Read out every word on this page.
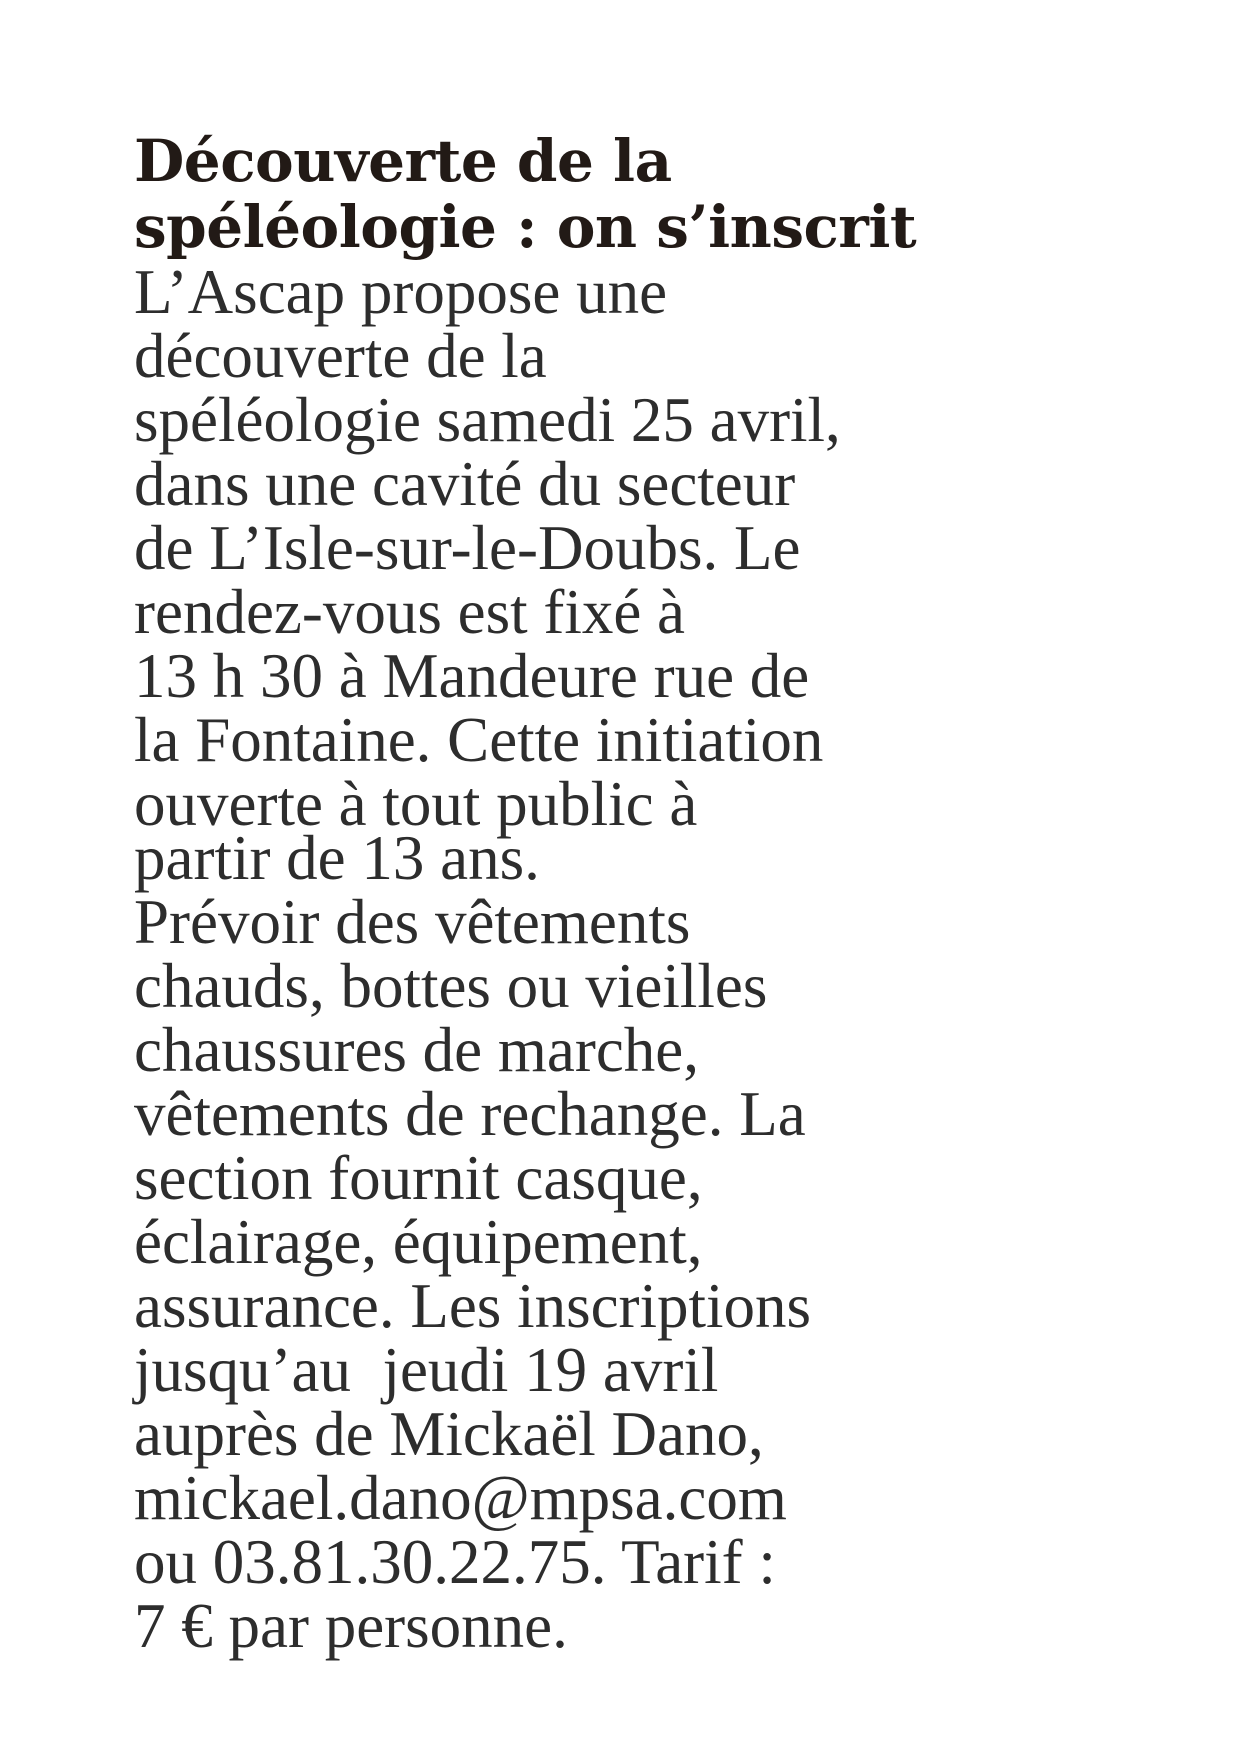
Découverte de la
spéléologie : on s’inscrit
L’Ascap propose une
découverte de la
spéléologie samedi 25 avril,
dans une cavité du secteur
de L’Isle-sur-le-Doubs. Le
rendez-vous est fixé à
13 h 30 à Mandeure rue de
la Fontaine. Cette initiation
ouverte à tout public à
partir de 13 ans.
Prévoir des vêtements
chauds, bottes ou vieilles
chaussures de marche,
vêtements de rechange. La
section fournit casque,
éclairage, équipement,
assurance. Les inscriptions
jusqu’au  jeudi 19 avril
auprès de Mickaël Dano,
mickael.dano@mpsa.com
ou 03.81.30.22.75. Tarif :
7 € par personne.
